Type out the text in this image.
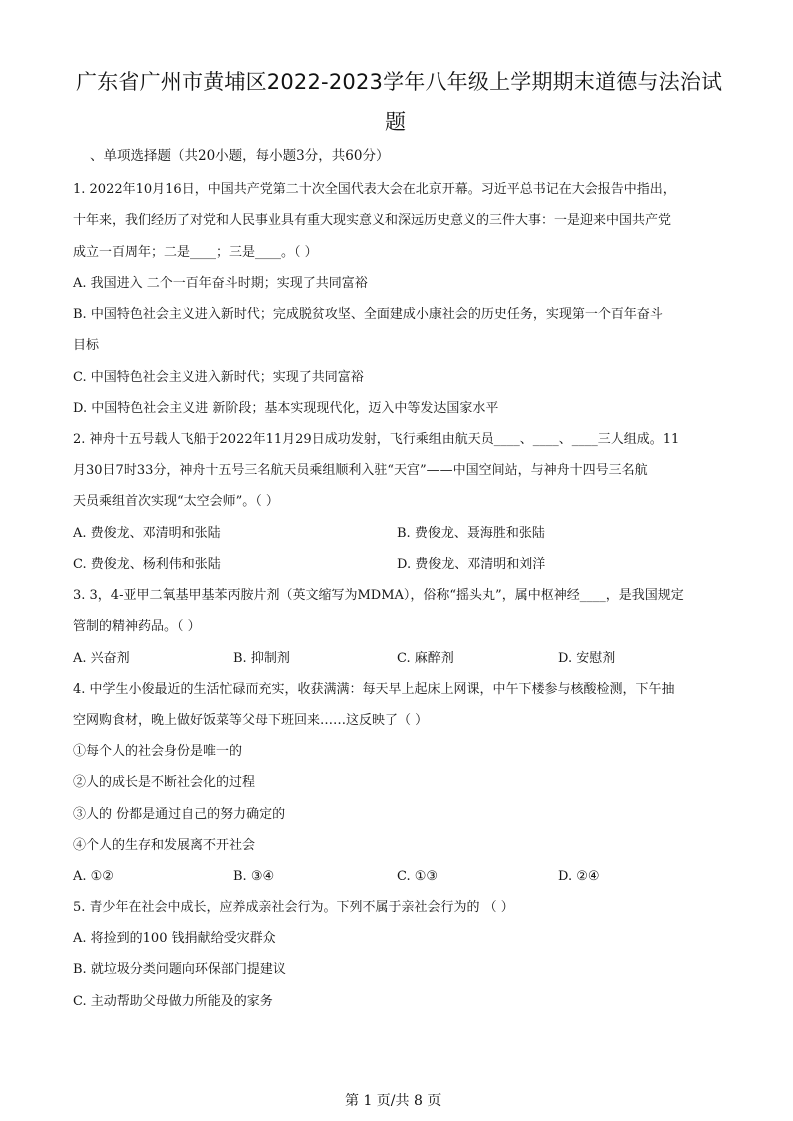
广东省广州市黄埔区2022-2023学年八年级上学期期末道德与法治试
题
、单项选择题（共20小题，每小题3分，共60分）
1. 2022年10月16日，中国共产党第二十次全国代表大会在北京开幕。习近平总书记在大会报告中指出，
十年来，我们经历了对党和人民事业具有重大现实意义和深远历史意义的三件大事：一是迎来中国共产党
成立一百周年；二是____；三是____。（ ）
A. 我国进入 二个一百年奋斗时期；实现了共同富裕
B. 中国特色社会主义进入新时代；完成脱贫攻坚、全面建成小康社会的历史任务，实现第一个百年奋斗
目标
C. 中国特色社会主义进入新时代；实现了共同富裕
D. 中国特色社会主义进 新阶段；基本实现现代化，迈入中等发达国家水平
2. 神舟十五号载人飞船于2022年11月29日成功发射，飞行乘组由航天员____、____、____三人组成。11
月30日7时33分，神舟十五号三名航天员乘组顺利入驻“天宫”——中国空间站，与神舟十四号三名航
天员乘组首次实现“太空会师”。（ ）
A. 费俊龙、邓清明和张陆	B. 费俊龙、聂海胜和张陆
C. 费俊龙、杨利伟和张陆	D. 费俊龙、邓清明和刘洋
3. 3，4-亚甲二氧基甲基苯丙胺片剂（英文缩写为MDMA），俗称“摇头丸”，属中枢神经____，是我国规定
管制的精神药品。（ ）
A. 兴奋剂	B. 抑制剂	C. 麻醉剂	D. 安慰剂
4. 中学生小俊最近的生活忙碌而充实，收获满满：每天早上起床上网课，中午下楼参与核酸检测，下午抽
空网购食材，晚上做好饭菜等父母下班回来……这反映了（ ）
①每个人的社会身份是唯一的
②人的成长是不断社会化的过程
③人的 份都是通过自己的努力确定的
④个人的生存和发展离不开社会
A. ①②	B. ③④	C. ①③	D. ②④
5. 青少年在社会中成长，应养成亲社会行为。下列不属于亲社会行为的 （ ）
A. 将捡到的100 钱捐献给受灾群众
B. 就垃圾分类问题向环保部门提建议
C. 主动帮助父母做力所能及的家务
第 1 页/共 8 页
